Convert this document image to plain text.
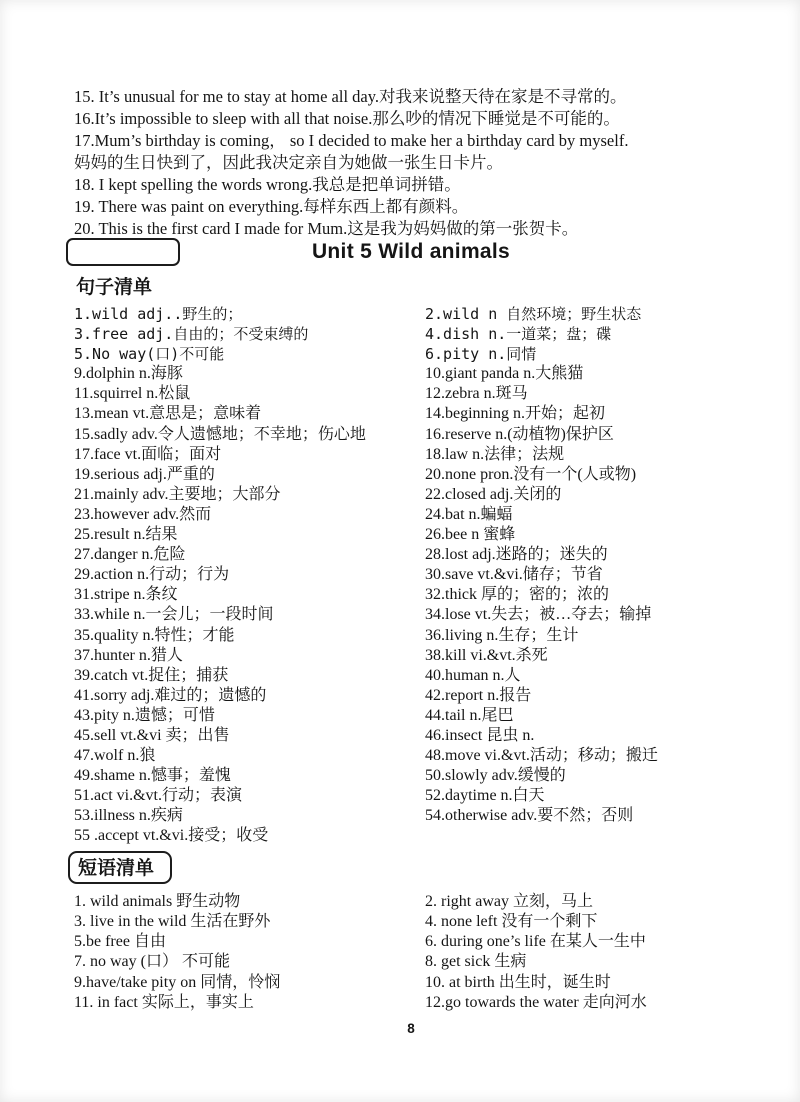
15. It’s unusual for me to stay at home all day.对我来说整天待在家是不寻常的。
16.It’s impossible to sleep with all that noise.那么吵的情况下睡觉是不可能的。
17.Mum’s birthday is coming， so I decided to make her a birthday card by myself.
妈妈的生日快到了，因此我决定亲自为她做一张生日卡片。
18. I kept spelling the words wrong.我总是把单词拼错。
19. There was paint on everything.每样东西上都有颜料。
20. This is the first card I made for Mum.这是我为妈妈做的第一张贺卡。
Unit 5 Wild animals
句子清单
1.wild adj..野生的；	2.wild n 自然环境；野生状态
3.free adj.自由的；不受束缚的	4.dish n.一道菜；盘；碟
5.No way(口)不可能	6.pity n.同情
9.dolphin n.海豚	10.giant panda n.大熊猫
11.squirrel n.松鼠	12.zebra n.斑马
13.mean vt.意思是；意味着	14.beginning n.开始；起初
15.sadly adv.令人遗憾地；不幸地；伤心地	16.reserve n.(动植物)保护区
17.face vt.面临；面对	18.law n.法律；法规
19.serious adj.严重的	20.none pron.没有一个(人或物)
21.mainly adv.主要地；大部分	22.closed adj.关闭的
23.however adv.然而	24.bat n.蝙蝠
25.result n.结果	26.bee n 蜜蜂
27.danger n.危险	28.lost adj.迷路的；迷失的
29.action n.行动；行为	30.save vt.&vi.储存；节省
31.stripe n.条纹	32.thick 厚的；密的；浓的
33.while n.一会儿；一段时间	34.lose vt.失去；被…夺去；输掉
35.quality n.特性；才能	36.living n.生存；生计
37.hunter n.猎人	38.kill vi.&vt.杀死
39.catch vt.捉住；捕获	40.human n.人
41.sorry adj.难过的；遗憾的	42.report n.报告
43.pity n.遗憾；可惜	44.tail n.尾巴
45.sell vt.&vi 卖；出售	46.insect 昆虫 n.
47.wolf n.狼	48.move vi.&vt.活动；移动；搬迁
49.shame n.憾事；羞愧	50.slowly adv.缓慢的
51.act vi.&vt.行动；表演	52.daytime n.白天
53.illness n.疾病	54.otherwise adv.要不然；否则
55 .accept vt.&vi.接受；收受
短语清单
1. wild animals 野生动物	2. right away 立刻，马上
3. live in the wild 生活在野外	4. none left 没有一个剩下
5.be free 自由	6. during one’s life 在某人一生中
7. no way (口） 不可能	8. get sick 生病
9.have/take pity on 同情，怜悯	10. at birth 出生时，诞生时
11. in fact 实际上，事实上	12.go towards the water 走向河水
8
